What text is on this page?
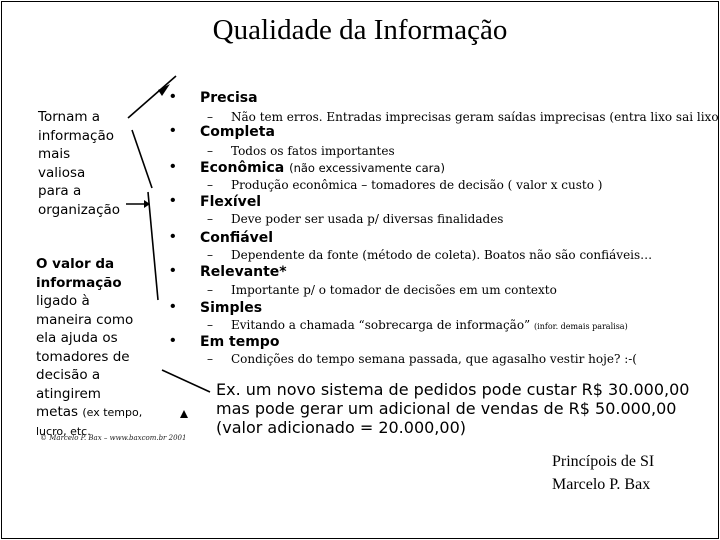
Qualidade da Informação
Tornam a
informação
mais
valiosa
para a
organização
O valor da
informação
ligado à
maneira como
ela ajuda os
tomadores de
decisão a
atingirem
metas (ex tempo,
lucro, etc.
© Marcelo P. Bax – www.baxcom.br 2001
• Precisa
– Não tem erros. Entradas imprecisas geram saídas imprecisas (entra lixo sai lixo
• Completa
– Todos os fatos importantes
• Econômica (não excessivamente cara)
– Produção econômica – tomadores de decisão ( valor x custo )
• Flexível
– Deve poder ser usada p/ diversas finalidades
• Confiável
– Dependente da fonte (método de coleta). Boatos não são confiáveis…
• Relevante*
– Importante p/ o tomador de decisões em um contexto
• Simples
– Evitando a chamada “sobrecarga de informação” (infor. demais paralisa)
• Em tempo
– Condições do tempo semana passada, que agasalho vestir hoje? :-(
Ex. um novo sistema de pedidos pode custar R$ 30.000,00
mas pode gerar um adicional de vendas de R$ 50.000,00
(valor adicionado = 20.000,00)
Princípois de SI
Marcelo P. Bax
